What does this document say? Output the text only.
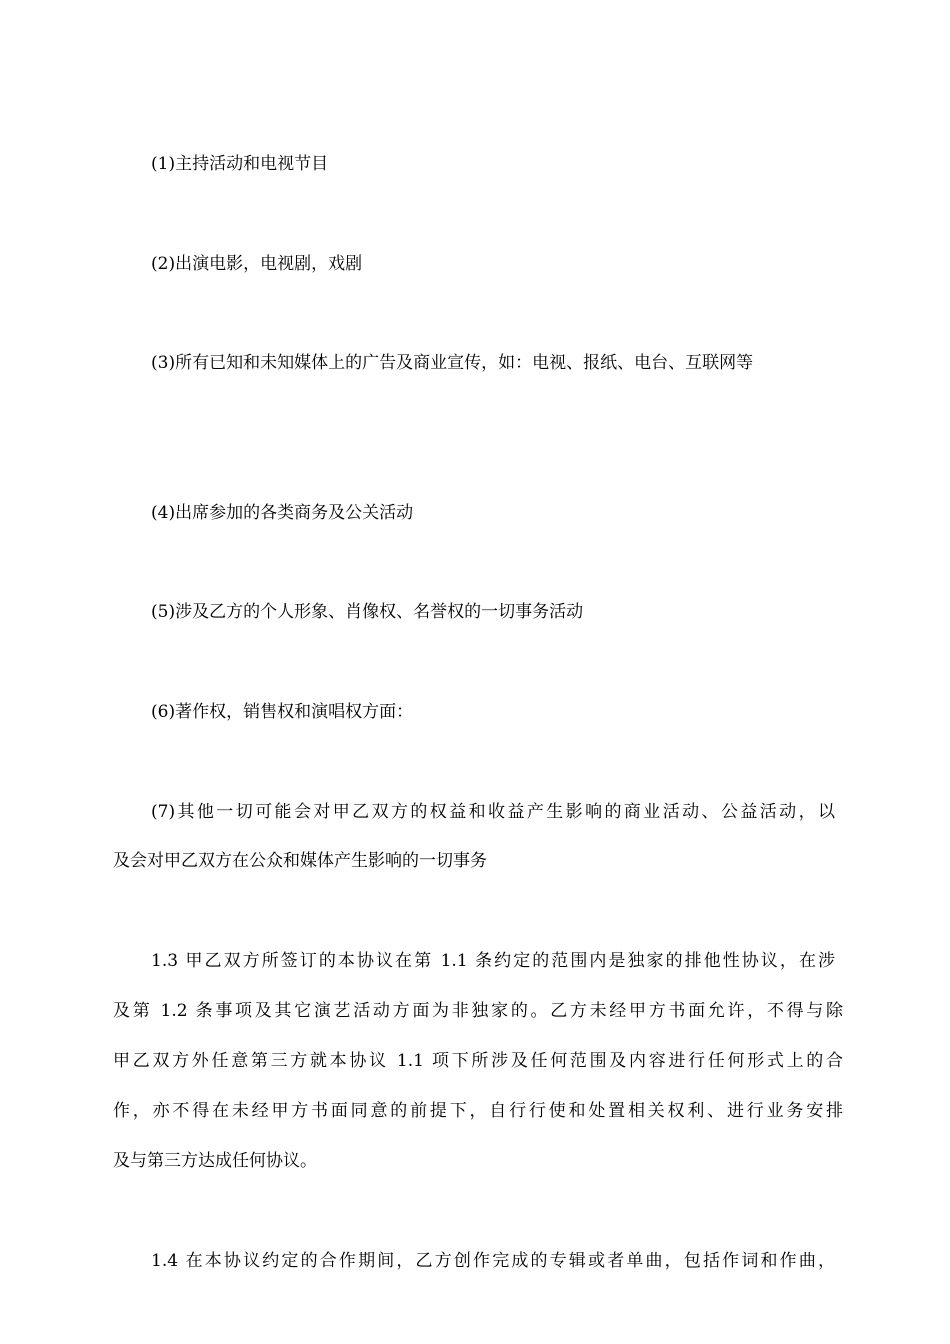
(1)主持活动和电视节目
(2)出演电影，电视剧，戏剧
(3)所有已知和未知媒体上的广告及商业宣传，如：电视、报纸、电台、互联网等
(4)出席参加的各类商务及公关活动
(5)涉及乙方的个人形象、肖像权、名誉权的一切事务活动
(6)著作权，销售权和演唱权方面：
(7)其他一切可能会对甲乙双方的权益和收益产生影响的商业活动、公益活动，以
及会对甲乙双方在公众和媒体产生影响的一切事务
1.3 甲乙双方所签订的本协议在第 1.1 条约定的范围内是独家的排他性协议，在涉
及第 1.2 条事项及其它演艺活动方面为非独家的。乙方未经甲方书面允许，不得与除
甲乙双方外任意第三方就本协议 1.1 项下所涉及任何范围及内容进行任何形式上的合
作，亦不得在未经甲方书面同意的前提下，自行行使和处置相关权利、进行业务安排
及与第三方达成任何协议。
1.4 在本协议约定的合作期间，乙方创作完成的专辑或者单曲，包括作词和作曲，
